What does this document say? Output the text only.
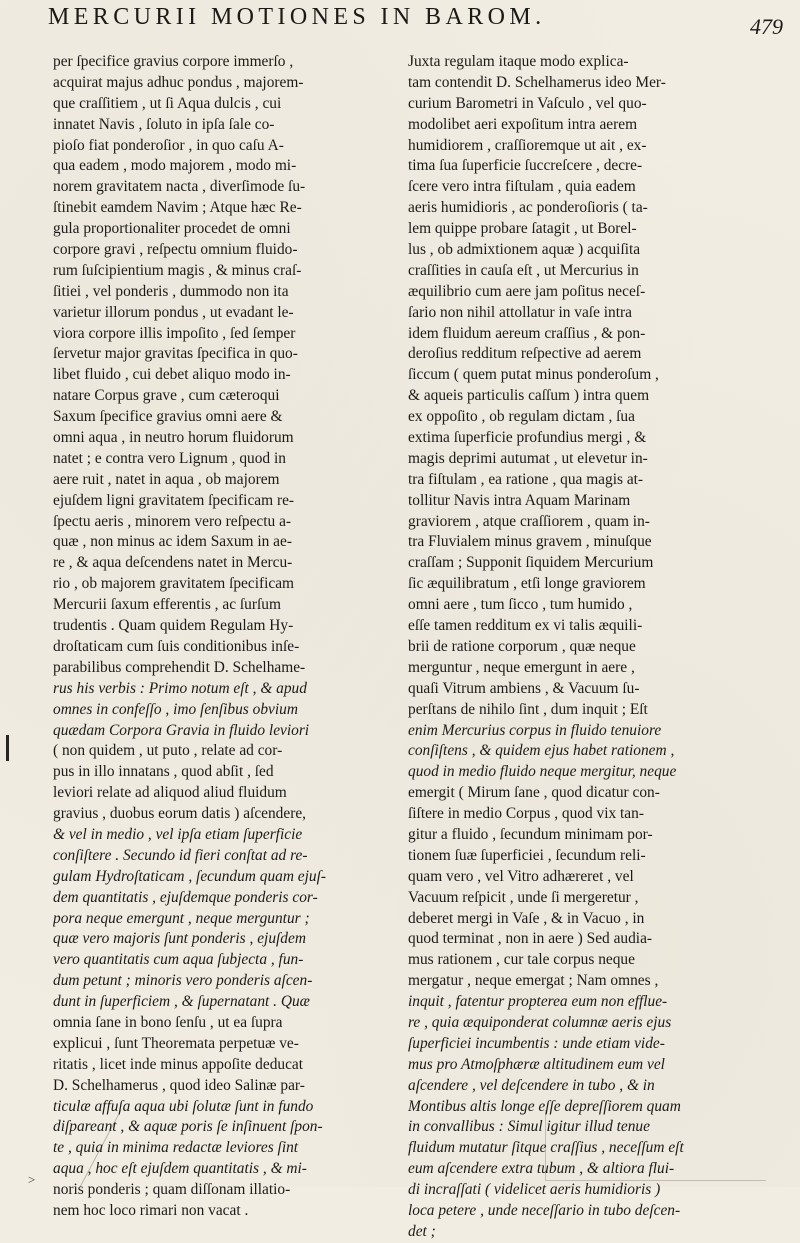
MERCURII MOTIONES IN BAROM.	479
per ſpecifice gravius corpore immerſo ,
acquirat majus adhuc pondus , majorem-
que craſſitiem , ut ſi Aqua dulcis , cui
innatet Navis , ſoluto in ipſa ſale co-
pioſo fiat ponderoſior , in quo caſu A-
qua eadem , modo majorem , modo mi-
norem gravitatem nacta , diverſimode ſu-
ſtinebit eamdem Navim ; Atque hæc Re-
gula proportionaliter procedet de omni
corpore gravi , reſpectu omnium fluido-
rum ſuſcipientium magis , & minus craſ-
ſitiei , vel ponderis , dummodo non ita
varietur illorum pondus , ut evadant le-
viora corpore illis impoſito , ſed ſemper
ſervetur major gravitas ſpecifica in quo-
libet fluido , cui debet aliquo modo in-
natare Corpus grave , cum cæteroqui
Saxum ſpecifice gravius omni aere &
omni aqua , in neutro horum fluidorum
natet ; e contra vero Lignum , quod in
aere ruit , natet in aqua , ob majorem
ejuſdem ligni gravitatem ſpecificam re-
ſpectu aeris , minorem vero reſpectu a-
quæ , non minus ac idem Saxum in ae-
re , & aqua deſcendens natet in Mercu-
rio , ob majorem gravitatem ſpecificam
Mercurii ſaxum efferentis , ac ſurſum
trudentis . Quam quidem Regulam Hy-
droſtaticam cum ſuis conditionibus inſe-
parabilibus comprehendit D. Schelhame-
rus his verbis : Primo notum eſt , & apud
omnes in confeſſo , imo ſenſibus obvium
quædam Corpora Gravia in fluido leviori
( non quidem , ut puto , relate ad cor-
pus in illo innatans , quod abſit , ſed
leviori relate ad aliquod aliud fluidum
gravius , duobus eorum datis ) aſcendere,
& vel in medio , vel ipſa etiam ſuperficie
conſiſtere . Secundo id fieri conſtat ad re-
gulam Hydroſtaticam , ſecundum quam ejuſ-
dem quantitatis , ejuſdemque ponderis cor-
pora neque emergunt , neque merguntur ;
quæ vero majoris ſunt ponderis , ejuſdem
vero quantitatis cum aqua ſubjecta , fun-
dum petunt ; minoris vero ponderis aſcen-
dunt in ſuperficiem , & ſupernatant . Quæ
omnia ſane in bono ſenſu , ut ea ſupra
explicui , ſunt Theoremata perpetuæ ve-
ritatis , licet inde minus appoſite deducat
D. Schelhamerus , quod ideo Salinæ par-
ticulæ affuſa aqua ubi ſolutæ ſunt in fundo
diſpareant , & aquæ poris ſe inſinuent ſpon-
te , quia in minima redactæ leviores ſint
aqua , hoc eſt ejuſdem quantitatis , & mi-
noris ponderis ; quam diſſonam illatio-
nem hoc loco rimari non vacat .
Juxta regulam itaque modo explica-
tam contendit D. Schelhamerus ideo Mer-
curium Barometri in Vaſculo , vel quo-
modolibet aeri expoſitum intra aerem
humidiorem , craſſioremque ut ait , ex-
tima ſua ſuperficie ſuccreſcere , decre-
ſcere vero intra fiſtulam , quia eadem
aeris humidioris , ac ponderoſioris ( ta-
lem quippe probare ſatagit , ut Borel-
lus , ob admixtionem aquæ ) acquiſita
craſſities in cauſa eſt , ut Mercurius in
æquilibrio cum aere jam poſitus neceſ-
ſario non nihil attollatur in vaſe intra
idem fluidum aereum craſſius , & pon-
deroſius redditum reſpective ad aerem
ſiccum ( quem putat minus ponderoſum ,
& aqueis particulis caſſum ) intra quem
ex oppoſito , ob regulam dictam , ſua
extima ſuperficie profundius mergi , &
magis deprimi autumat , ut elevetur in-
tra fiſtulam , ea ratione , qua magis at-
tollitur Navis intra Aquam Marinam
graviorem , atque craſſiorem , quam in-
tra Fluvialem minus gravem , minuſque
craſſam ; Supponit ſiquidem Mercurium
ſic æquilibratum , etſi longe graviorem
omni aere , tum ſicco , tum humido ,
eſſe tamen redditum ex vi talis æquili-
brii de ratione corporum , quæ neque
merguntur , neque emergunt in aere ,
quaſi Vitrum ambiens , & Vacuum ſu-
perſtans de nihilo ſint , dum inquit ; Eſt
enim Mercurius corpus in fluido tenuiore
conſiſtens , & quidem ejus habet rationem ,
quod in medio fluido neque mergitur, neque
emergit ( Mirum ſane , quod dicatur con-
ſiſtere in medio Corpus , quod vix tan-
gitur a fluido , ſecundum minimam por-
tionem ſuæ ſuperficiei , ſecundum reli-
quam vero , vel Vitro adhæreret , vel
Vacuum reſpicit , unde ſi mergeretur ,
deberet mergi in Vaſe , & in Vacuo , in
quod terminat , non in aere ) Sed audia-
mus rationem , cur tale corpus neque
mergatur , neque emergat ; Nam omnes ,
inquit , fatentur propterea eum non efflue-
re , quia æquiponderat columnæ aeris ejus
ſuperficiei incumbentis : unde etiam vide-
mus pro Atmoſphæræ altitudinem eum vel
aſcendere , vel deſcendere in tubo , & in
Montibus altis longe eſſe depreſſiorem quam
in convallibus : Simul igitur illud tenue
fluidum mutatur ſitque craſſius , neceſſum eſt
eum aſcendere extra tubum , & altiora flui-
di incraſſati ( videlicet aeris humidioris )
loca petere , unde neceſſario in tubo deſcen-
det ;
>
